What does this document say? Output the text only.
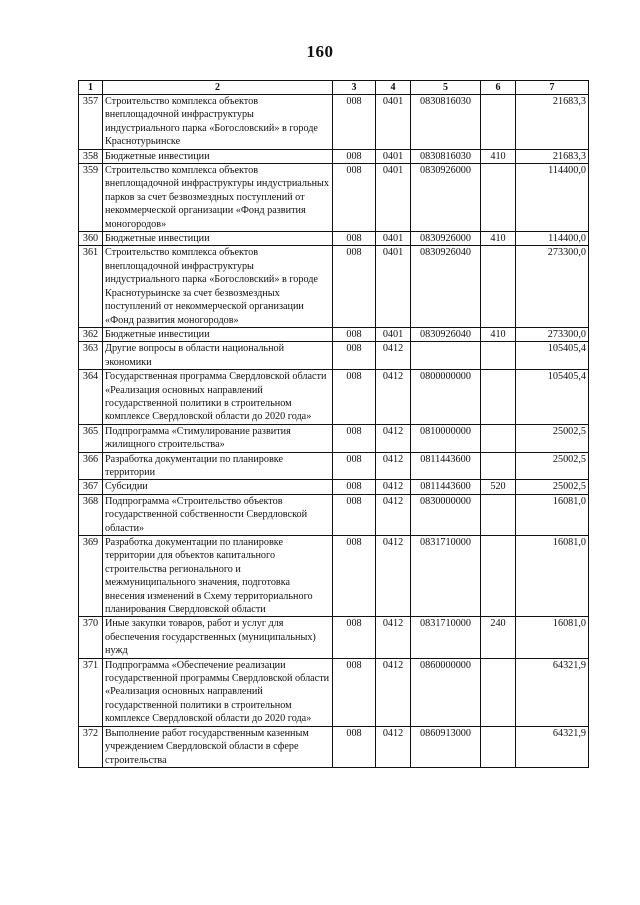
160
1	2	3	4	5	6	7
357	Строительство комплекса объектов внеплощадочной инфраструктуры индустриального парка «Богословский» в городе Краснотурьинске	008	0401	0830816030		21683,3
358	Бюджетные инвестиции	008	0401	0830816030	410	21683,3
359	Строительство комплекса объектов внеплощадочной инфраструктуры индустриальных парков за счет безвозмездных поступлений от некоммерческой организации «Фонд развития моногородов»	008	0401	0830926000		114400,0
360	Бюджетные инвестиции	008	0401	0830926000	410	114400,0
361	Строительство комплекса объектов внеплощадочной инфраструктуры индустриального парка «Богословский» в городе Краснотурьинске за счет безвозмездных поступлений от некоммерческой организации «Фонд развития моногородов»	008	0401	0830926040		273300,0
362	Бюджетные инвестиции	008	0401	0830926040	410	273300,0
363	Другие вопросы в области национальной экономики	008	0412			105405,4
364	Государственная программа Свердловской области «Реализация основных направлений государственной политики в строительном комплексе Свердловской области до 2020 года»	008	0412	0800000000		105405,4
365	Подпрограмма «Стимулирование развития жилищного строительства»	008	0412	0810000000		25002,5
366	Разработка документации по планировке территории	008	0412	0811443600		25002,5
367	Субсидии	008	0412	0811443600	520	25002,5
368	Подпрограмма «Строительство объектов государственной собственности Свердловской области»	008	0412	0830000000		16081,0
369	Разработка документации по планировке территории для объектов капитального строительства регионального и межмуниципального значения, подготовка внесения изменений в Схему территориального планирования Свердловской области	008	0412	0831710000		16081,0
370	Иные закупки товаров, работ и услуг для обеспечения государственных (муниципальных) нужд	008	0412	0831710000	240	16081,0
371	Подпрограмма «Обеспечение реализации государственной программы Свердловской области «Реализация основных направлений государственной политики в строительном комплексе Свердловской области до 2020 года»	008	0412	0860000000		64321,9
372	Выполнение работ государственным казенным учреждением Свердловской области в сфере строительства	008	0412	0860913000		64321,9
